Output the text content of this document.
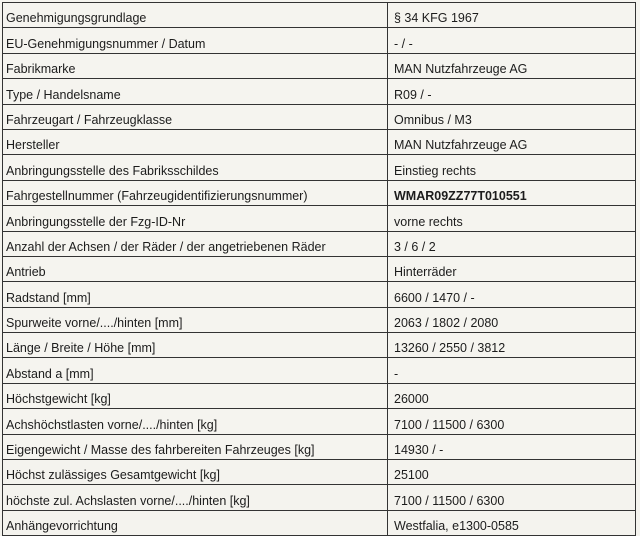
Genehmigungsgrundlage	§ 34 KFG 1967
EU-Genehmigungsnummer / Datum	- / -
Fabrikmarke	MAN Nutzfahrzeuge AG
Type / Handelsname	R09 / -
Fahrzeugart / Fahrzeugklasse	Omnibus / M3
Hersteller	MAN Nutzfahrzeuge AG
Anbringungsstelle des Fabriksschildes	Einstieg rechts
Fahrgestellnummer (Fahrzeugidentifizierungsnummer)	WMAR09ZZ77T010551
Anbringungsstelle der Fzg-ID-Nr	vorne rechts
Anzahl der Achsen / der Räder / der angetriebenen Räder	3 / 6 / 2
Antrieb	Hinterräder
Radstand [mm]	6600 / 1470 / -
Spurweite vorne/..../hinten [mm]	2063 / 1802 / 2080
Länge / Breite / Höhe [mm]	13260 / 2550 / 3812
Abstand a [mm]	-
Höchstgewicht [kg]	26000
Achshöchstlasten vorne/..../hinten [kg]	7100 / 11500 / 6300
Eigengewicht / Masse des fahrbereiten Fahrzeuges [kg]	14930 / -
Höchst zulässiges Gesamtgewicht [kg]	25100
höchste zul. Achslasten vorne/..../hinten [kg]	7100 / 11500 / 6300
Anhängevorrichtung	Westfalia, e1300-0585
